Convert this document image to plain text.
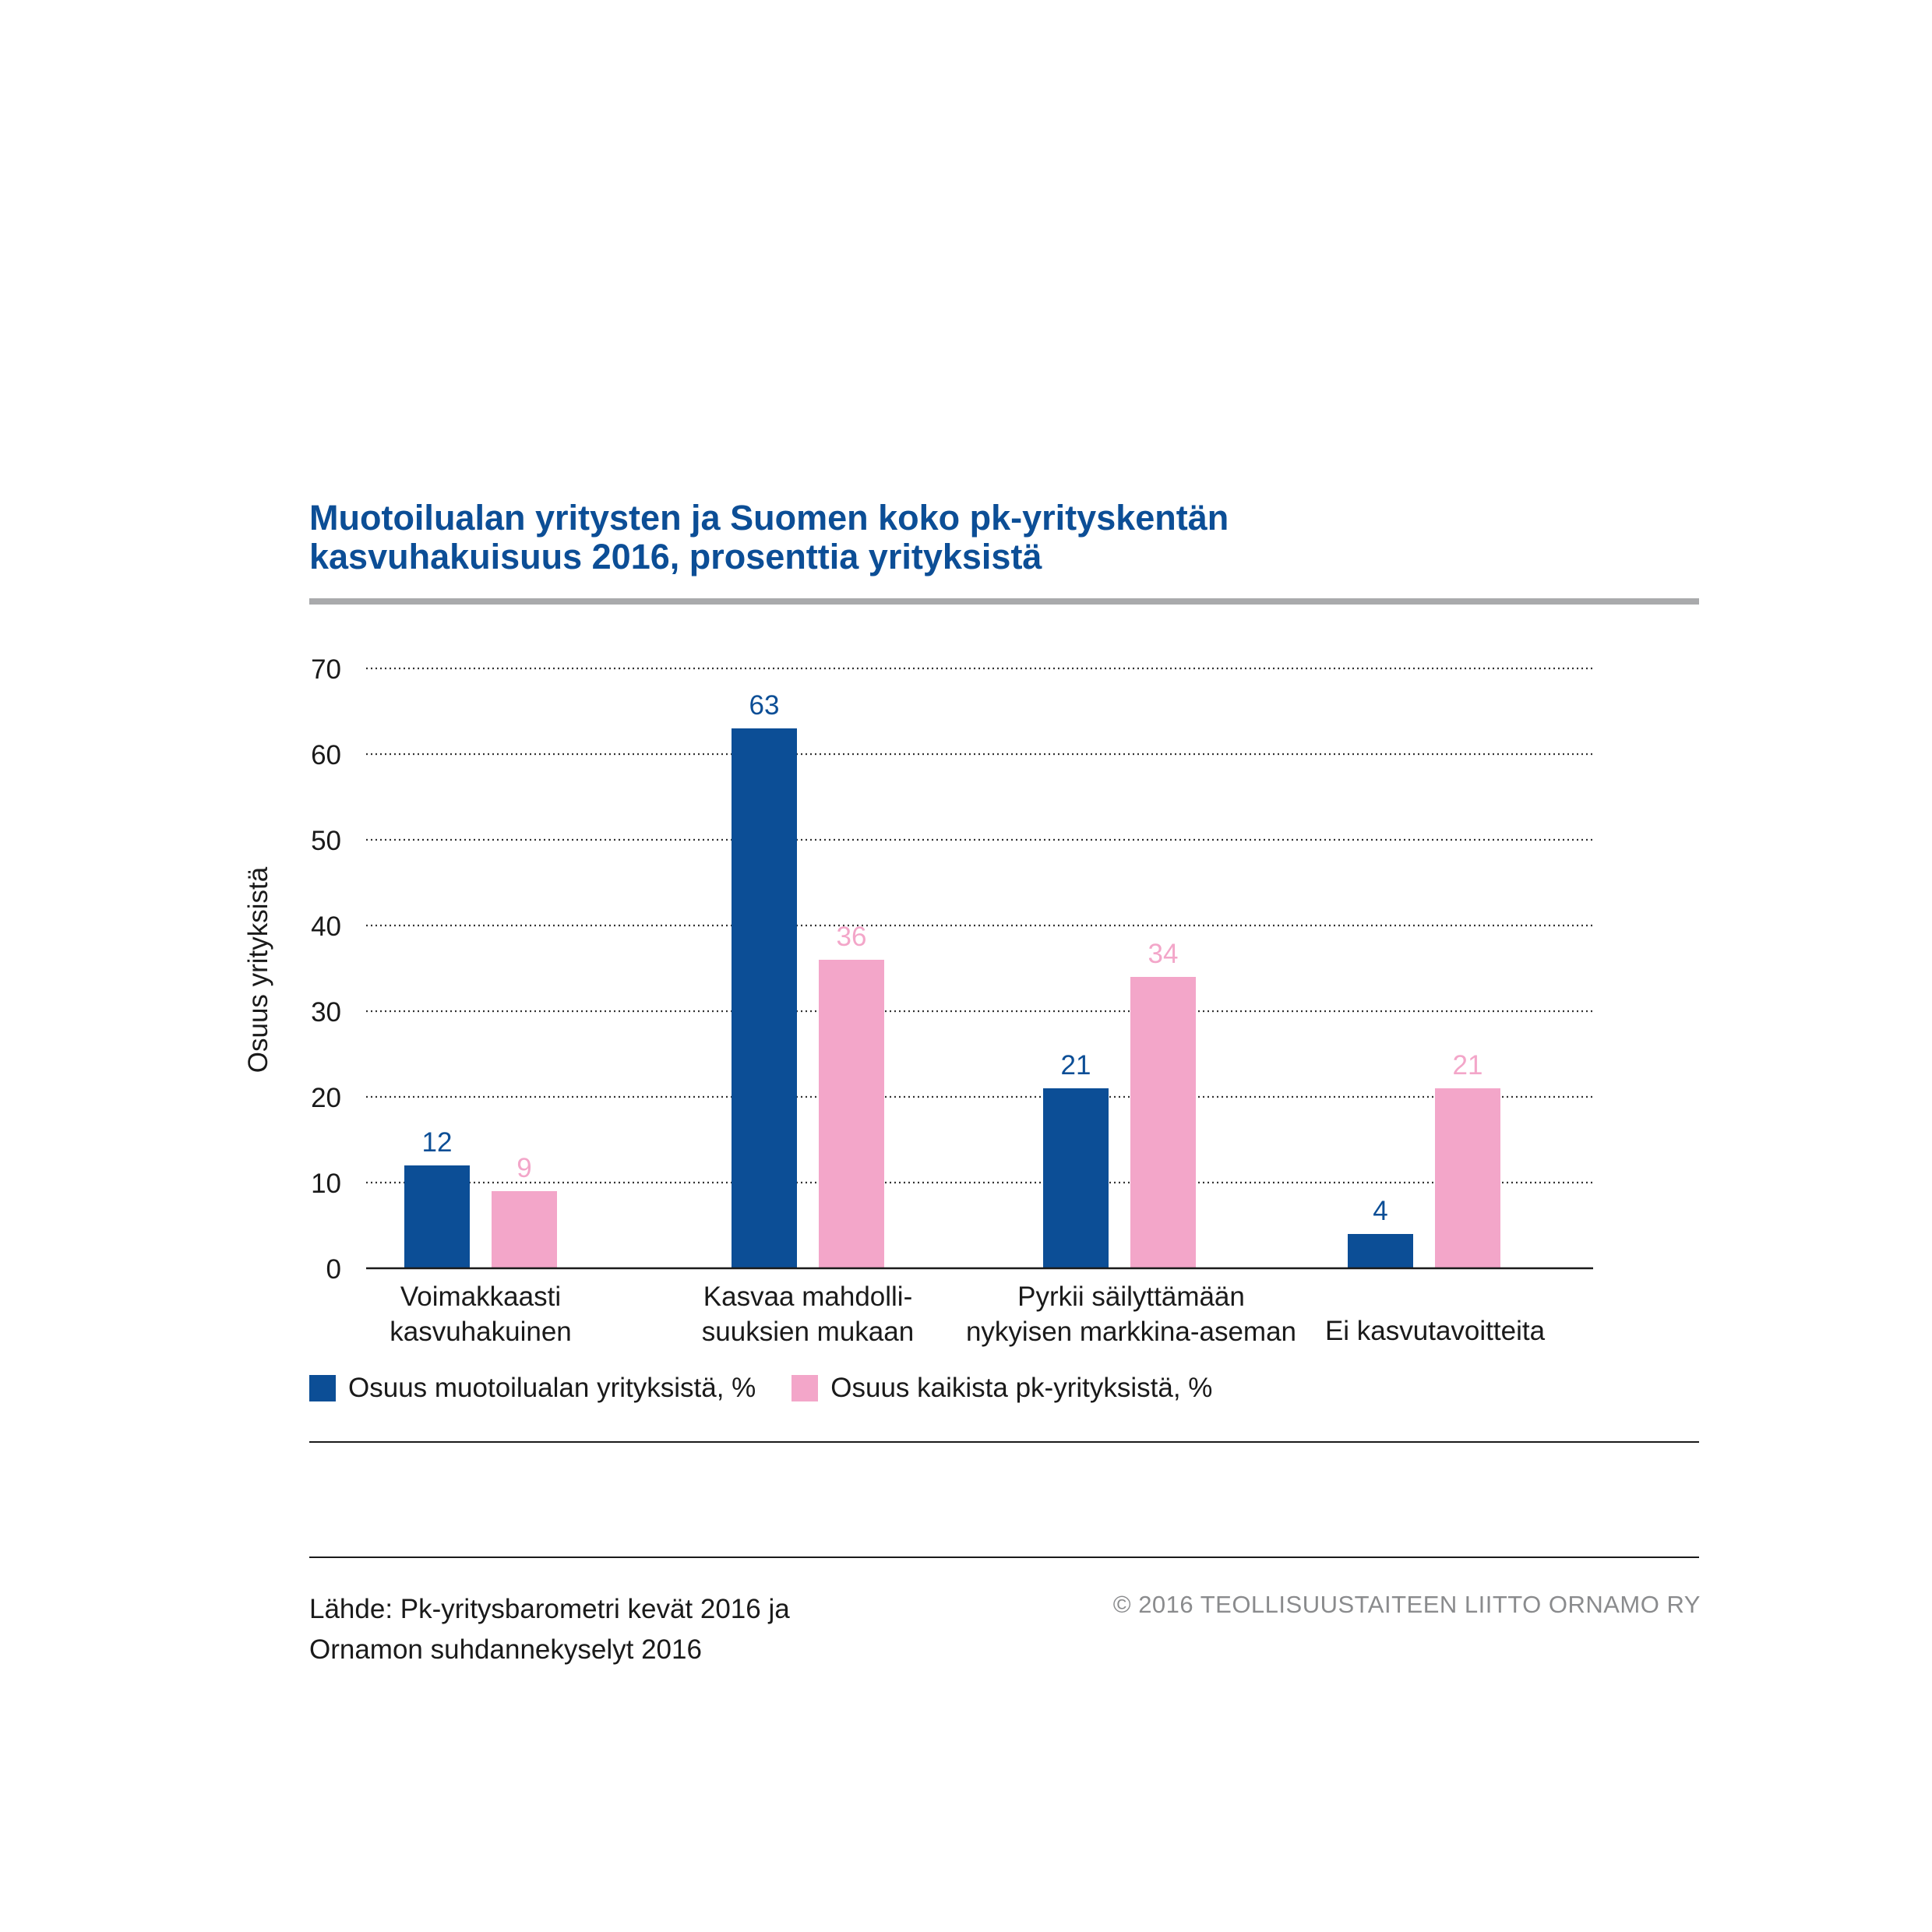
Muotoilualan yritysten ja Suomen koko pk-yrityskentän
kasvuhakuisuus 2016, prosenttia yrityksistä
0
10
20
30
40
50
60
70
Osuus yrityksistä
12
63
21
4
9
36
34
21
Voimakkaasti
kasvuhakuinen
Kasvaa mahdolli-
suuksien mukaan
Pyrkii säilyttämään
nykyisen markkina-aseman Ei kasvutavoitteita
Osuus muotoilualan yrityksistä, %	Osuus kaikista pk-yrityksistä, %
Lähde: Pk-yritysbarometri kevät 2016 ja
Ornamon suhdannekyselyt 2016
© 2016 TEOLLISUUSTAITEEN LIITTO ORNAMO RY
